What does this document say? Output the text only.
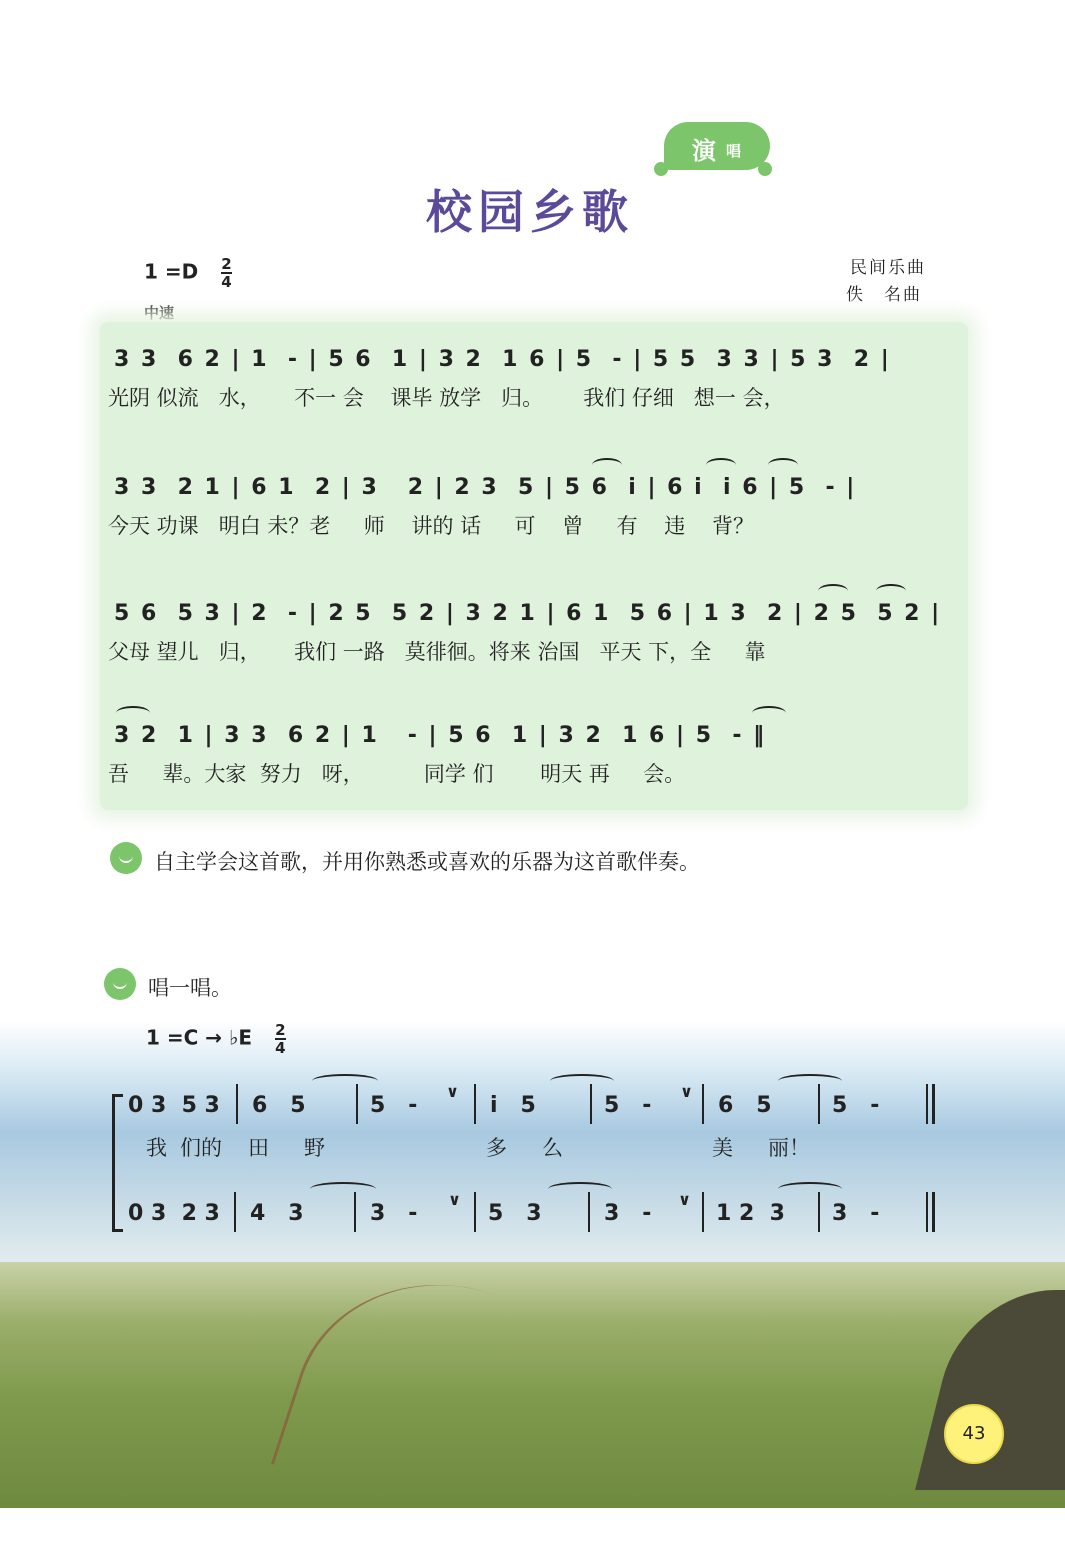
演 唱
校园乡歌
$1 =D \frac{2}{4}$
中速
民间乐曲
佚　名曲
3 3  6 2 | 1  - | 5 6  1 | 3 2  1 6 | 5  - | 5 5  3 3 | 5 3  2 |
光阴 似流   水，     不一 会    课毕 放学   归。      我们 仔细   想一 会，
3 3  2 1 | 6 1  2 | 3   2 | 2 3  5 | 5 6  i | 6 i  i 6 | 5  - |
今天 功课   明白 未？老     师    讲的 话     可    曾     有    违    背？
5 6  5 3 | 2  - | 2 5  5 2 | 3 2 1 | 6 1  5 6 | 1 3  2 | 2 5  5 2 |
父母 望儿   归，     我们 一路   莫徘徊。将来 治国   平天 下，全     靠
3 2  1 | 3 3  6 2 | 1   - | 5 6  1 | 3 2  1 6 | 5  - ‖
吾     辈。大家  努力   呀，         同学 们       明天 再     会。
自主学会这首歌，并用你熟悉或喜欢的乐器为这首歌伴奏。
唱一唱。
1 =C → ♭E $\frac{2}{4}$
0 3  5 3 6   5	5   -	i   5	5   -	6   5	5   -
我 们的 田 野	多 么	美 丽！
0 3  2 3 4   3	3   -	5   3	3   -	1 2  3 3   -
∨	∨
∨	∨
43
